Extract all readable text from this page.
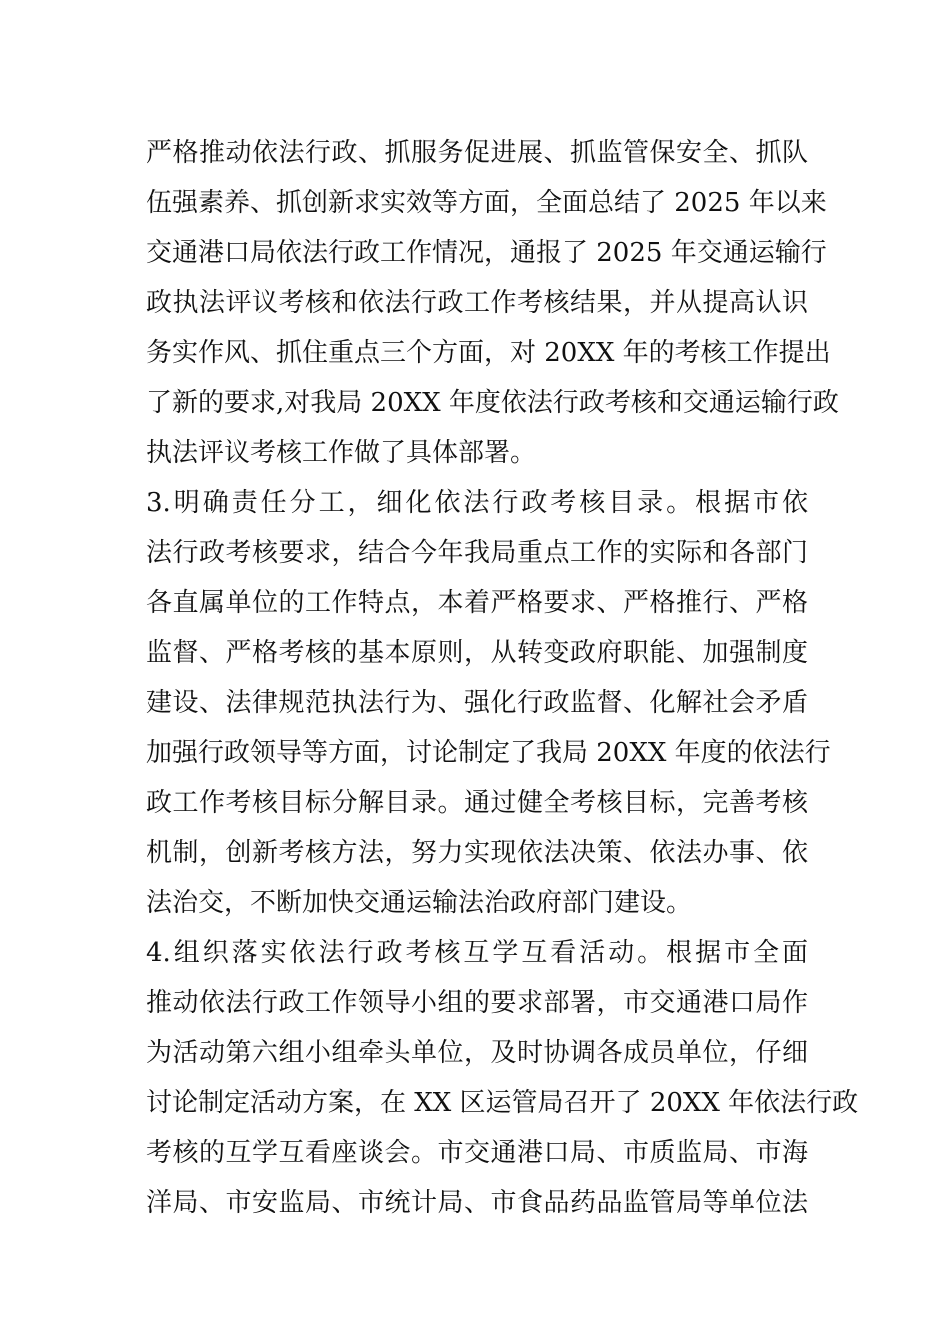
严格推动依法行政、抓服务促进展、抓监管保安全、抓队
伍强素养、抓创新求实效等方面，全面总结了 2025 年以来
交通港口局依法行政工作情况，通报了 2025 年交通运输行
政执法评议考核和依法行政工作考核结果，并从提高认识
务实作风、抓住重点三个方面，对 20XX 年的考核工作提出
了新的要求,对我局 20XX 年度依法行政考核和交通运输行政
执法评议考核工作做了具体部署。
3.明确责任分工，细化依法行政考核目录。根据市依
法行政考核要求，结合今年我局重点工作的实际和各部门
各直属单位的工作特点，本着严格要求、严格推行、严格
监督、严格考核的基本原则，从转变政府职能、加强制度
建设、法律规范执法行为、强化行政监督、化解社会矛盾
加强行政领导等方面，讨论制定了我局 20XX 年度的依法行
政工作考核目标分解目录。通过健全考核目标，完善考核
机制，创新考核方法，努力实现依法决策、依法办事、依
法治交，不断加快交通运输法治政府部门建设。
4.组织落实依法行政考核互学互看活动。根据市全面
推动依法行政工作领导小组的要求部署，市交通港口局作
为活动第六组小组牵头单位，及时协调各成员单位，仔细
讨论制定活动方案，在 XX 区运管局召开了 20XX 年依法行政
考核的互学互看座谈会。市交通港口局、市质监局、市海
洋局、市安监局、市统计局、市食品药品监管局等单位法
